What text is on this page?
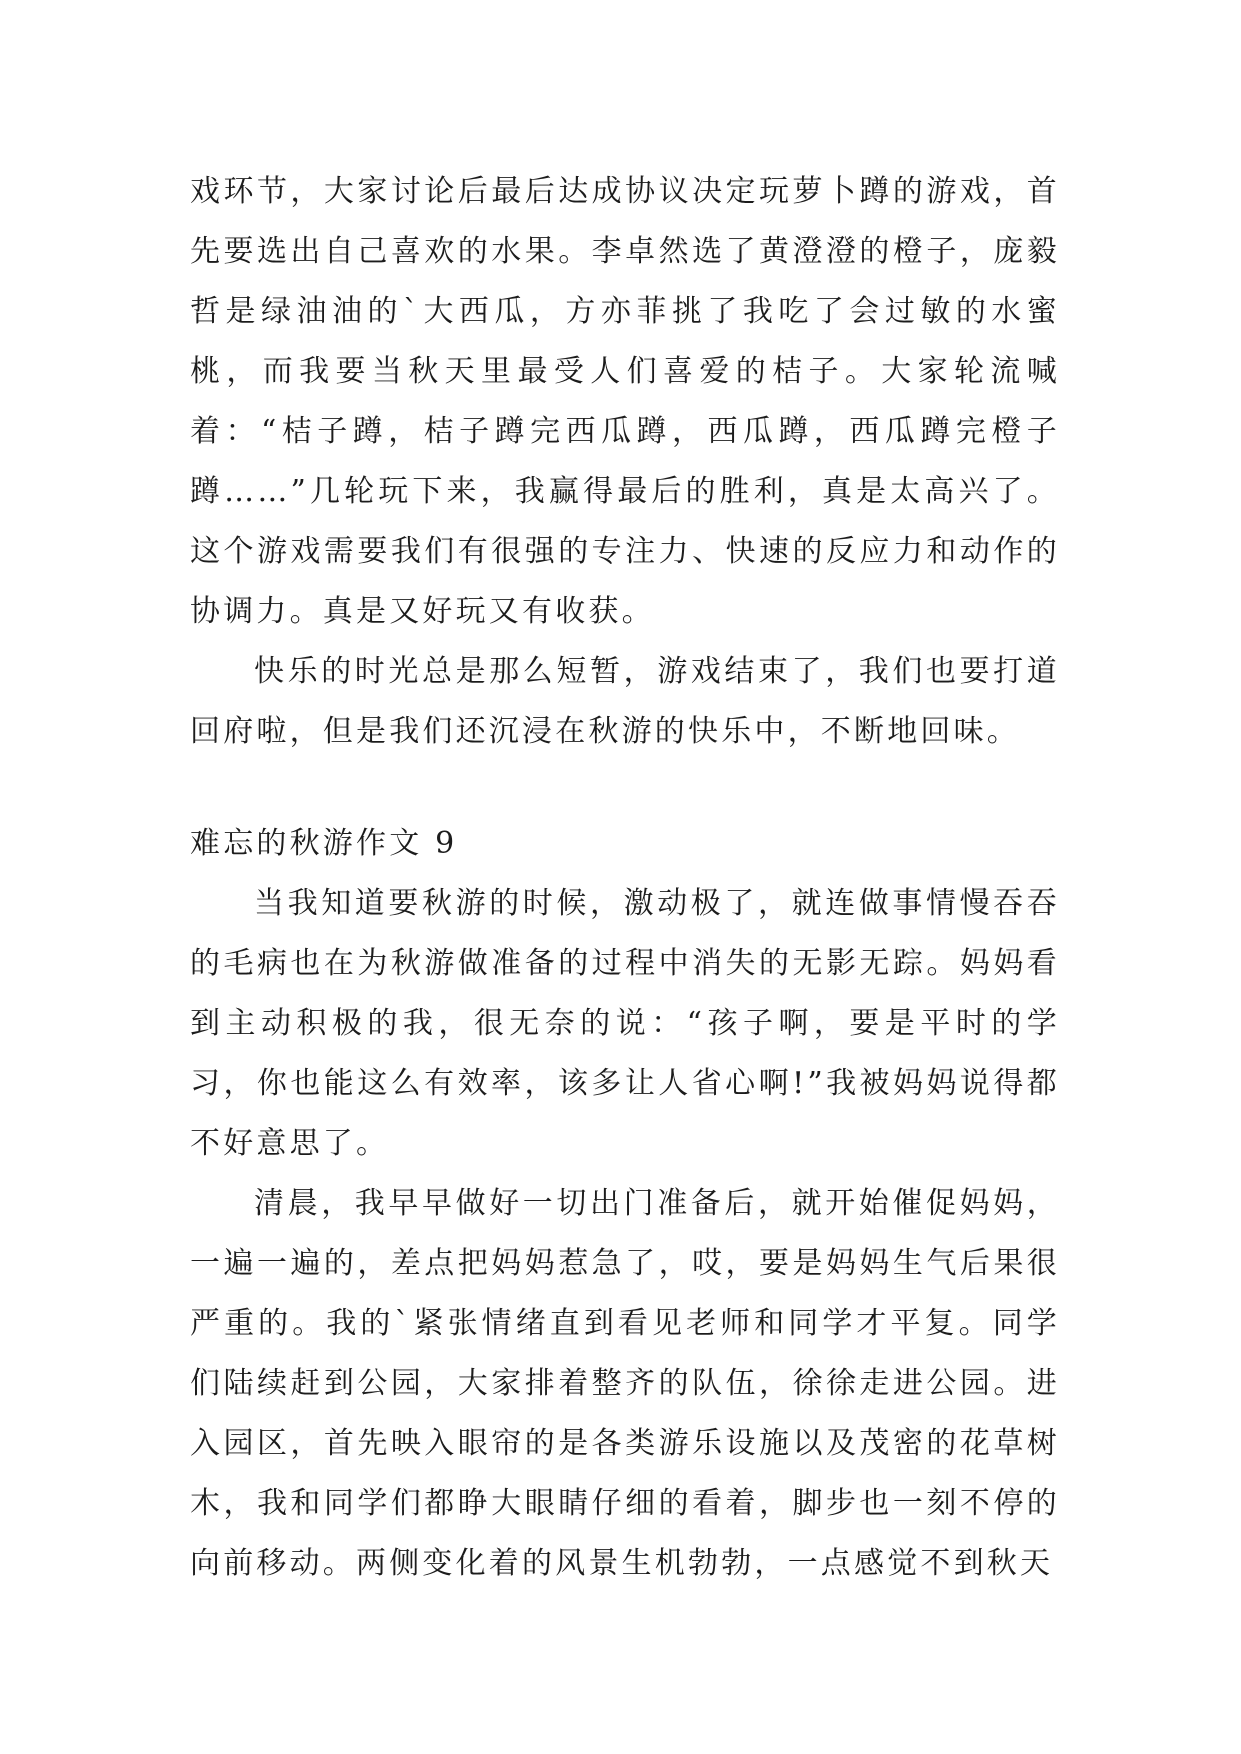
戏环节，大家讨论后最后达成协议决定玩萝卜蹲的游戏，首先要选出自己喜欢的水果。李卓然选了黄澄澄的橙子，庞毅哲是绿油油的`大西瓜，方亦菲挑了我吃了会过敏的水蜜桃，而我要当秋天里最受人们喜爱的桔子。大家轮流喊着：“桔子蹲，桔子蹲完西瓜蹲，西瓜蹲，西瓜蹲完橙子蹲……”几轮玩下来，我赢得最后的胜利，真是太高兴了。这个游戏需要我们有很强的专注力、快速的反应力和动作的协调力。真是又好玩又有收获。

快乐的时光总是那么短暂，游戏结束了，我们也要打道回府啦，但是我们还沉浸在秋游的快乐中，不断地回味。

难忘的秋游作文 9

当我知道要秋游的时候，激动极了，就连做事情慢吞吞的毛病也在为秋游做准备的过程中消失的无影无踪。妈妈看到主动积极的我，很无奈的说：“孩子啊，要是平时的学习，你也能这么有效率，该多让人省心啊!”我被妈妈说得都不好意思了。

清晨，我早早做好一切出门准备后，就开始催促妈妈，一遍一遍的，差点把妈妈惹急了，哎，要是妈妈生气后果很严重的。我的`紧张情绪直到看见老师和同学才平复。同学们陆续赶到公园，大家排着整齐的队伍，徐徐走进公园。进入园区，首先映入眼帘的是各类游乐设施以及茂密的花草树木，我和同学们都睁大眼睛仔细的看着，脚步也一刻不停的向前移动。两侧变化着的风景生机勃勃，一点感觉不到秋天
